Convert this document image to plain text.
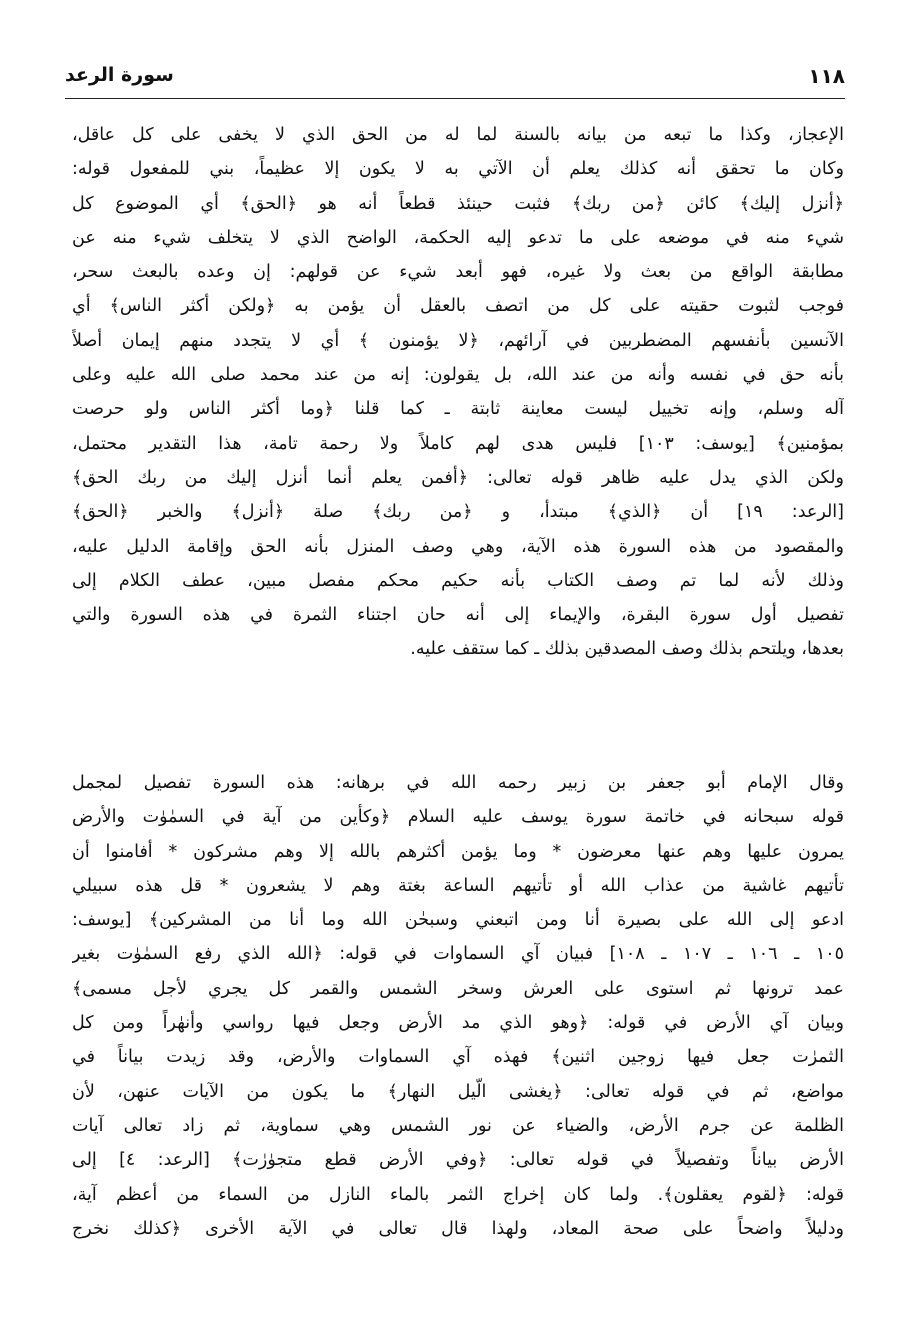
١١٨
سورة الرعد
الإعجاز، وكذا ما تبعه من بيانه بالسنة لما له من الحق الذي لا يخفى على كل عاقل،
وكان ما تحقق أنه كذلك يعلم أن الآتي به لا يكون إلا عظيماً، بني للمفعول قوله:
﴿أنزل إليك﴾ كائن ﴿من ربك﴾ فثبت حينئذ قطعاً أنه هو ﴿الحق﴾ أي الموضوع كل
شيء منه في موضعه على ما تدعو إليه الحكمة، الواضح الذي لا يتخلف شيء منه عن
مطابقة الواقع من بعث ولا غيره، فهو أبعد شيء عن قولهم: إن وعده بالبعث سحر،
فوجب لثبوت حقيته على كل من اتصف بالعقل أن يؤمن به ﴿ولكن أكثر الناس﴾ أي
الآنسين بأنفسهم المضطربين في آرائهم، ﴿لا يؤمنون ﴾ أي لا يتجدد منهم إيمان أصلاً
بأنه حق في نفسه وأنه من عند الله، بل يقولون: إنه من عند محمد صلى الله عليه وعلى
آله وسلم، وإنه تخييل ليست معاينة ثابتة ـ كما قلنا ﴿وما أكثر الناس ولو حرصت
بمؤمنين﴾ [يوسف: ١٠٣] فليس هدى لهم كاملاً ولا رحمة تامة، هذا التقدير محتمل،
ولكن الذي يدل عليه ظاهر قوله تعالى: ﴿أفمن يعلم أنما أنزل إليك من ربك الحق﴾
[الرعد: ١٩] أن ﴿الذي﴾ مبتدأ، و ﴿من ربك﴾ صلة ﴿أنزل﴾ والخبر ﴿الحق﴾
والمقصود من هذه السورة هذه الآية، وهي وصف المنزل بأنه الحق وإقامة الدليل عليه،
وذلك لأنه لما تم وصف الكتاب بأنه حكيم محكم مفصل مبين، عطف الكلام إلى
تفصيل أول سورة البقرة، والإيماء إلى أنه حان اجتناء الثمرة في هذه السورة والتي
بعدها، ويلتحم بذلك وصف المصدقين بذلك ـ كما ستقف عليه.
وقال الإمام أبو جعفر بن زبير رحمه الله في برهانه: هذه السورة تفصيل لمجمل
قوله سبحانه في خاتمة سورة يوسف عليه السلام ﴿وكأين من آية في السمٰوٰت والأرض
يمرون عليها وهم عنها معرضون * وما يؤمن أكثرهم بالله إلا وهم مشركون * أفامنوا أن
تأتيهم غاشية من عذاب الله أو تأتيهم الساعة بغتة وهم لا يشعرون * قل هذه سبيلي
ادعو إلى الله على بصيرة أنا ومن اتبعني وسبحٰن الله وما أنا من المشركين﴾ [يوسف:
١٠٥ ـ ١٠٦ ـ ١٠٧ ـ ١٠٨] فبيان آي السماوات في قوله: ﴿الله الذي رفع السمٰوٰت بغير
عمد ترونها ثم استوى على العرش وسخر الشمس والقمر كل يجري لأجل مسمى﴾
وبيان آي الأرض في قوله: ﴿وهو الذي مد الأرض وجعل فيها رواسي وأنهٰراً ومن كل
الثمرٰت جعل فيها زوجين اثنين﴾ فهذه آي السماوات والأرض، وقد زيدت بياناً في
مواضع، ثم في قوله تعالى: ﴿يغشى الّيل النهار﴾ ما يكون من الآيات عنهن، لأن
الظلمة عن جرم الأرض، والضياء عن نور الشمس وهي سماوية، ثم زاد تعالى آيات
الأرض بياناً وتفصيلاً في قوله تعالى: ﴿وفي الأرض قطع متجوٰرٰت﴾ [الرعد: ٤] إلى
قوله: ﴿لقوم يعقلون﴾. ولما كان إخراج الثمر بالماء النازل من السماء من أعظم آية،
ودليلاً واضحاً على صحة المعاد، ولهذا قال تعالى في الآية الأخرى ﴿كذلك نخرج
